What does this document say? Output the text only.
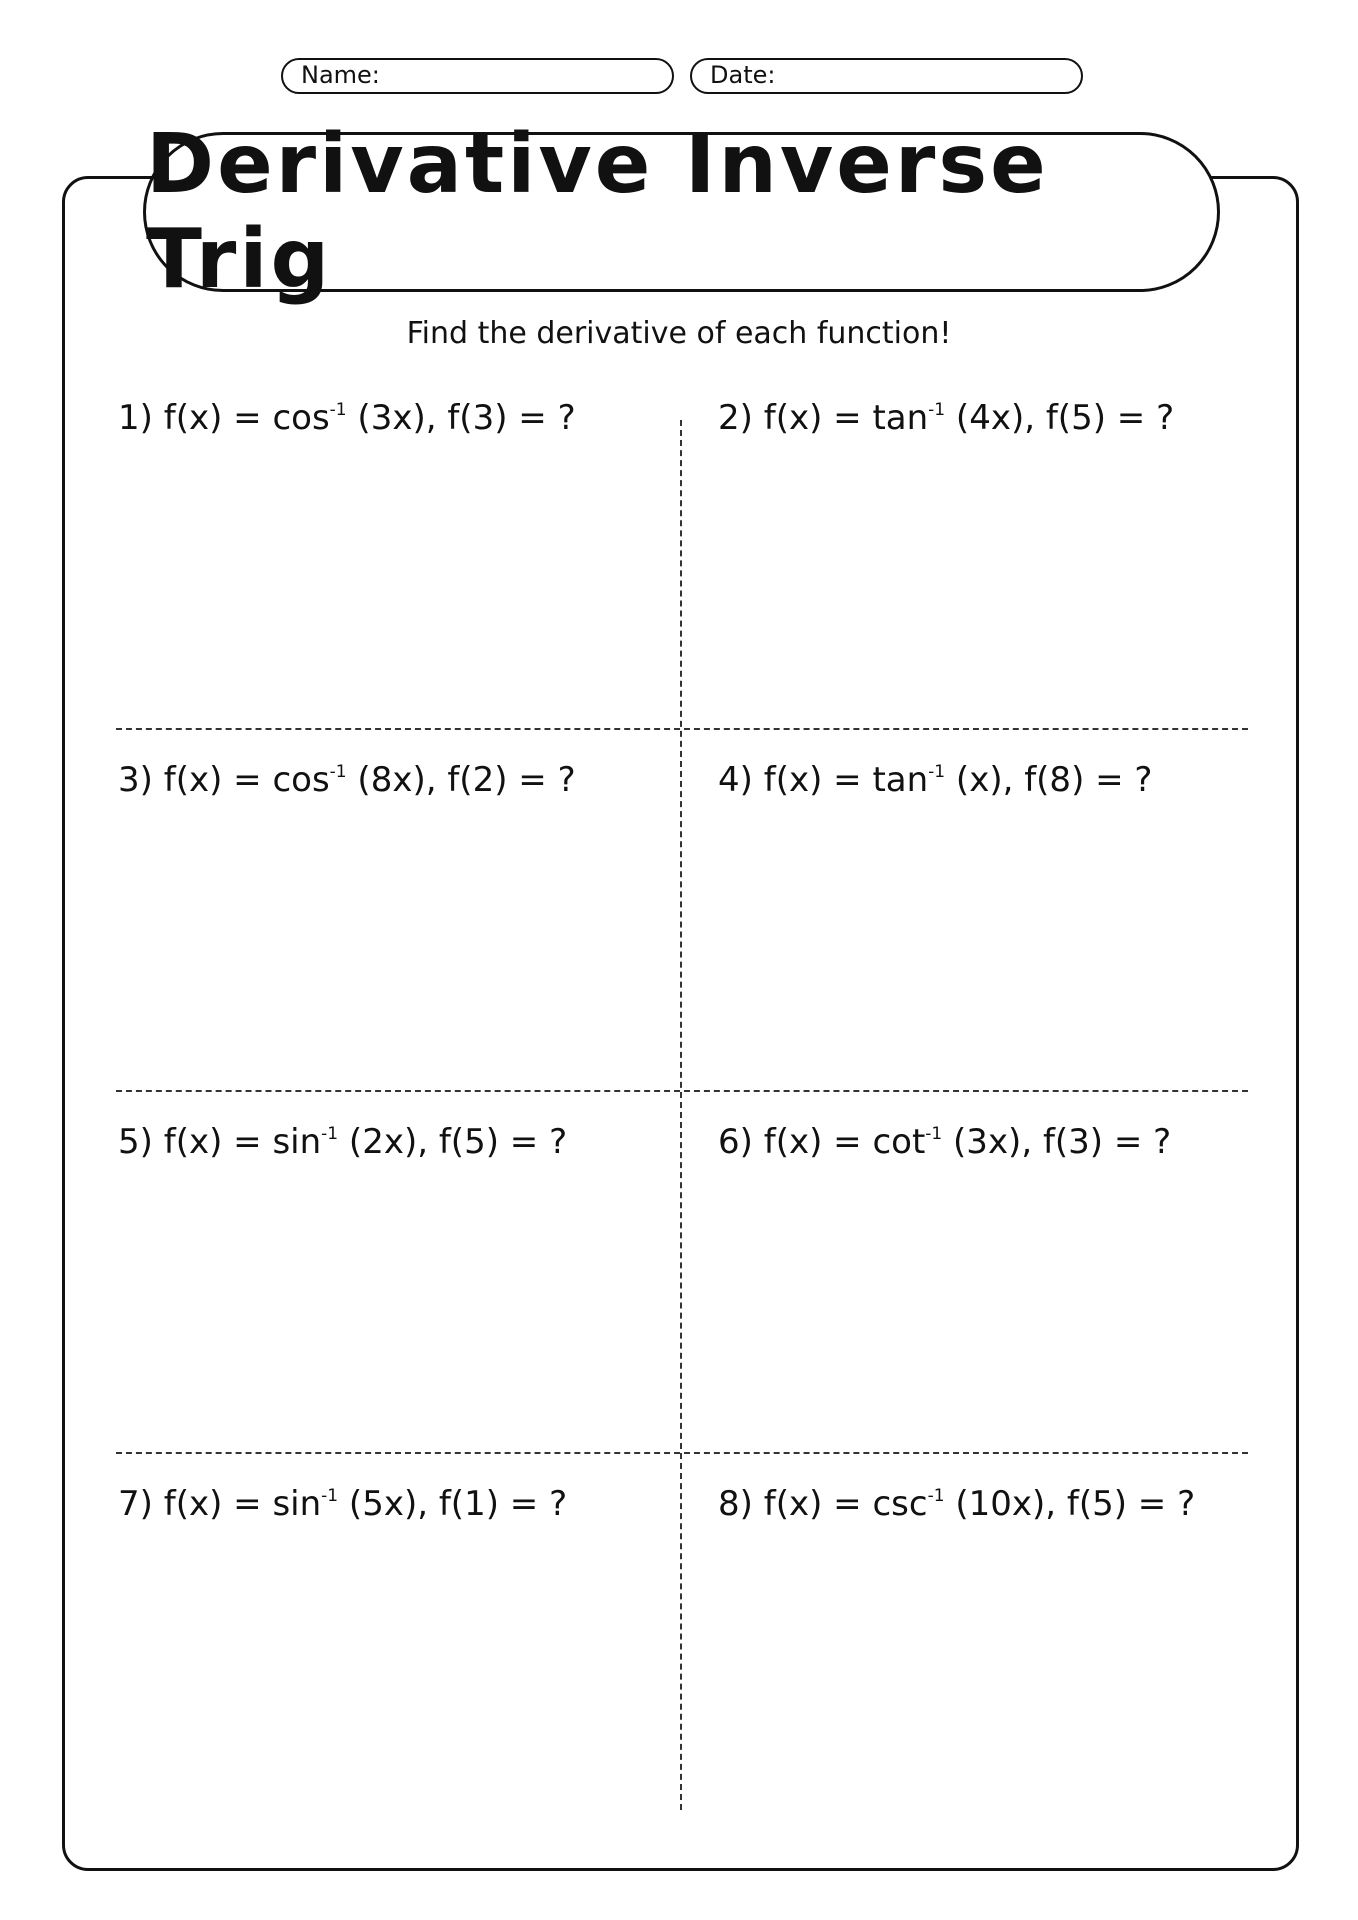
Name:	Date:
Derivative Inverse Trig
Find the derivative of each function!
1) $f(x) = \cos^{-1} (3x)$, f(3) = ?	2) $f(x) = \tan^{-1} (4x)$, f(5) = ?
3) $f(x) = \cos^{-1} (8x)$, f(2) = ?	4) $f(x) = \tan^{-1} (x)$, f(8) = ?
5) $f(x) = \sin^{-1} (2x)$, f(5) = ?	6) $f(x) = \cot^{-1} (3x)$, f(3) = ?
7) $f(x) = \sin^{-1} (5x)$, f(1) = ?	8) $f(x) = \csc^{-1} (10x)$, f(5) = ?
